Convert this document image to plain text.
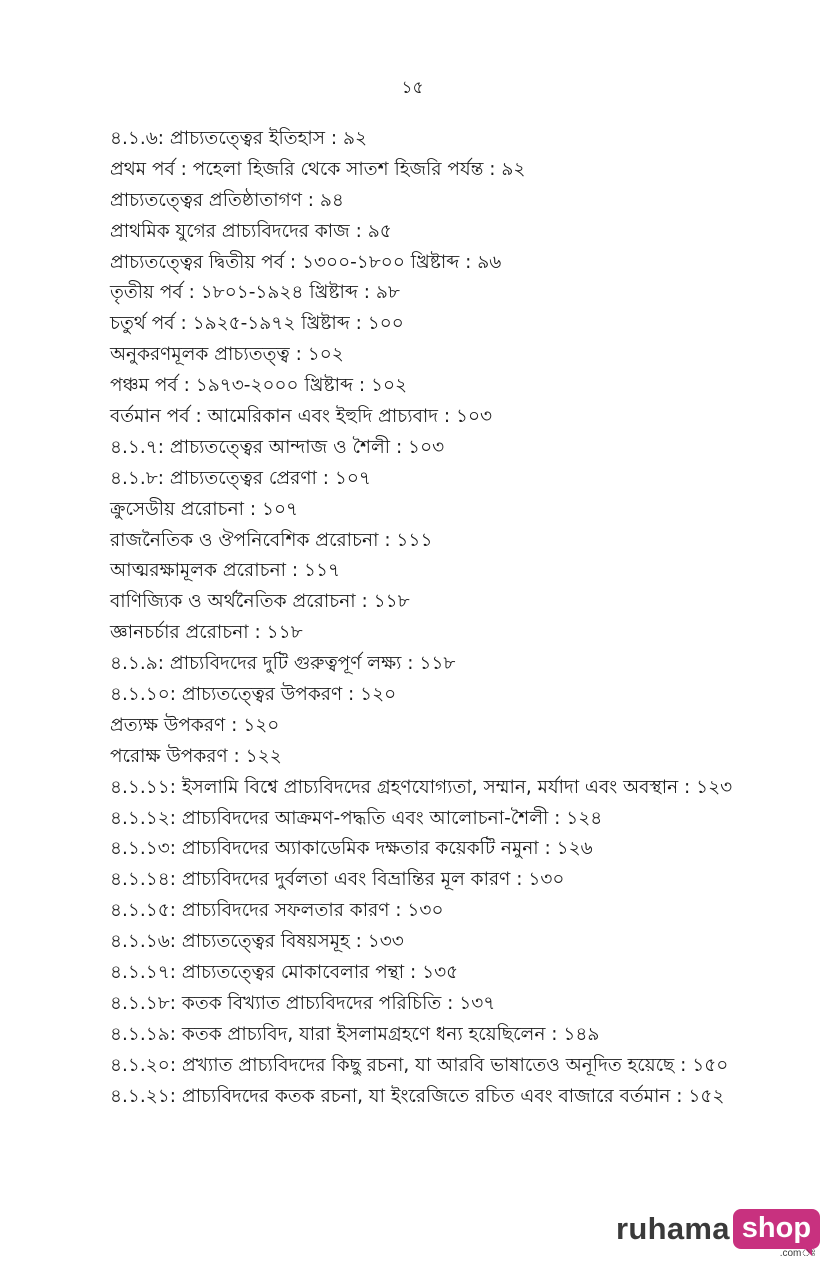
১৫
৪.১.৬: প্রাচ্যতত্ত্বের ইতিহাস : ৯২
প্রথম পর্ব : পহেলা হিজরি থেকে সাতশ হিজরি পর্যন্ত : ৯২
প্রাচ্যতত্ত্বের প্রতিষ্ঠাতাগণ : ৯৪
প্রাথমিক যুগের প্রাচ্যবিদদের কাজ : ৯৫
প্রাচ্যতত্ত্বের দ্বিতীয় পর্ব : ১৩০০-১৮০০ খ্রিষ্টাব্দ : ৯৬
তৃতীয় পর্ব : ১৮০১-১৯২৪ খ্রিষ্টাব্দ : ৯৮
চতুর্থ পর্ব : ১৯২৫-১৯৭২ খ্রিষ্টাব্দ : ১০০
অনুকরণমূলক প্রাচ্যতত্ত্ব : ১০২
পঞ্চম পর্ব : ১৯৭৩-২০০০ খ্রিষ্টাব্দ : ১০২
বর্তমান পর্ব : আমেরিকান এবং ইহুদি প্রাচ্যবাদ : ১০৩
৪.১.৭: প্রাচ্যতত্ত্বের আন্দাজ ও শৈলী : ১০৩
৪.১.৮: প্রাচ্যতত্ত্বের প্রেরণা : ১০৭
ক্রুসেডীয় প্ররোচনা : ১০৭
রাজনৈতিক ও ঔপনিবেশিক প্ররোচনা : ১১১
আত্মরক্ষামূলক প্ররোচনা : ১১৭
বাণিজ্যিক ও অর্থনৈতিক প্ররোচনা : ১১৮
জ্ঞানচর্চার প্ররোচনা : ১১৮
৪.১.৯: প্রাচ্যবিদদের দুটি গুরুত্বপূর্ণ লক্ষ্য : ১১৮
৪.১.১০: প্রাচ্যতত্ত্বের উপকরণ : ১২০
প্রত্যক্ষ উপকরণ : ১২০
পরোক্ষ উপকরণ : ১২২
৪.১.১১: ইসলামি বিশ্বে প্রাচ্যবিদদের গ্রহণযোগ্যতা, সম্মান, মর্যাদা এবং অবস্থান : ১২৩
৪.১.১২: প্রাচ্যবিদদের আক্রমণ-পদ্ধতি এবং আলোচনা-শৈলী : ১২৪
৪.১.১৩: প্রাচ্যবিদদের অ্যাকাডেমিক দক্ষতার কয়েকটি নমুনা : ১২৬
৪.১.১৪: প্রাচ্যবিদদের দুর্বলতা এবং বিভ্রান্তির মূল কারণ : ১৩০
৪.১.১৫: প্রাচ্যবিদদের সফলতার কারণ : ১৩০
৪.১.১৬: প্রাচ্যতত্ত্বের বিষয়সমূহ : ১৩৩
৪.১.১৭: প্রাচ্যতত্ত্বের মোকাবেলার পন্থা : ১৩৫
৪.১.১৮: কতক বিখ্যাত প্রাচ্যবিদদের পরিচিতি : ১৩৭
৪.১.১৯: কতক প্রাচ্যবিদ, যারা ইসলামগ্রহণে ধন্য হয়েছিলেন : ১৪৯
৪.১.২০: প্রখ্যাত প্রাচ্যবিদদের কিছু রচনা, যা আরবি ভাষাতেও অনূদিত হয়েছে : ১৫০
৪.১.২১: প্রাচ্যবিদদের কতক রচনা, যা ইংরেজিতে রচিত এবং বাজারে বর্তমান : ১৫২
ruhama shop
.comঃ
